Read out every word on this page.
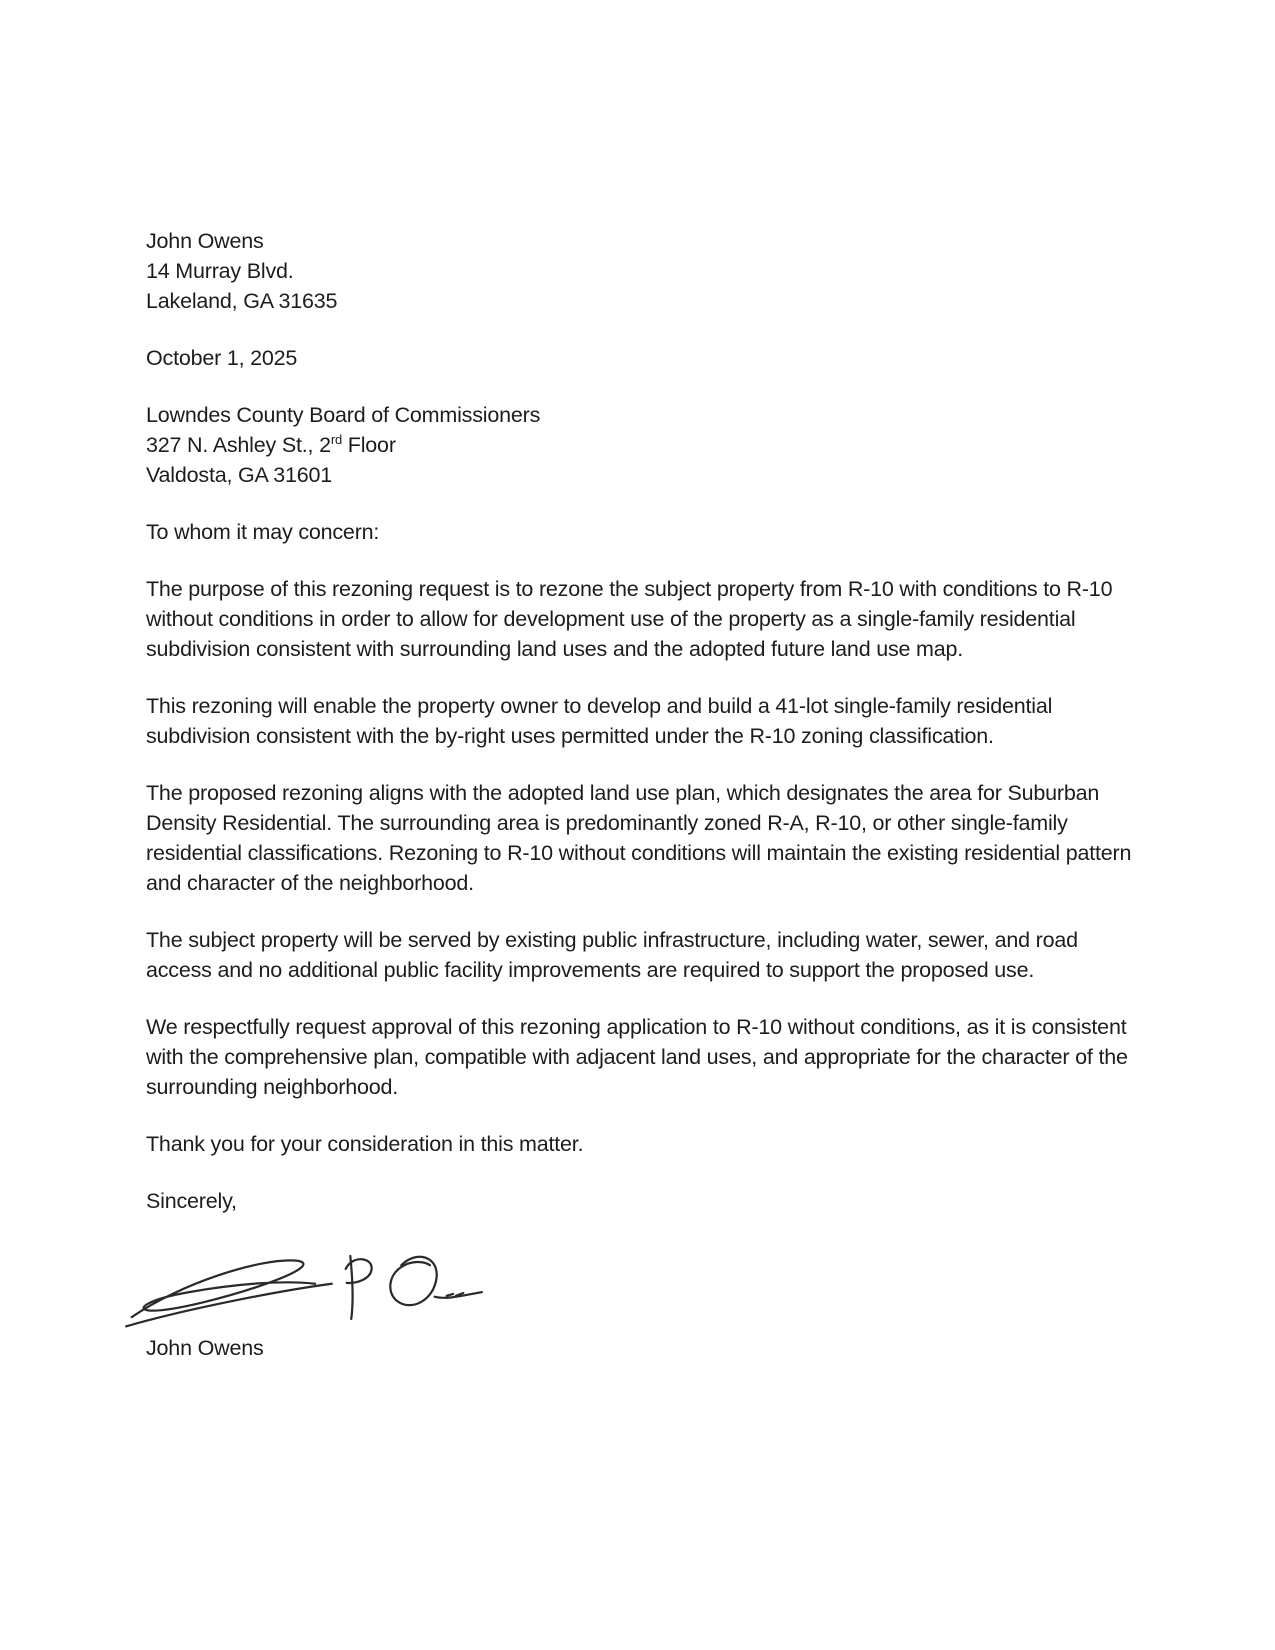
John Owens
14 Murray Blvd.
Lakeland, GA 31635
October 1, 2025
Lowndes County Board of Commissioners
327 N. Ashley St., 2rd Floor
Valdosta, GA 31601

To whom it may concern:

The purpose of this rezoning request is to rezone the subject property from R-10 with conditions to R-10 without conditions in order to allow for development use of the property as a single-family residential subdivision consistent with surrounding land uses and the adopted future land use map.

This rezoning will enable the property owner to develop and build a 41-lot single-family residential subdivision consistent with the by-right uses permitted under the R-10 zoning classification.

The proposed rezoning aligns with the adopted land use plan, which designates the area for Suburban Density Residential. The surrounding area is predominantly zoned R-A, R-10, or other single-family residential classifications. Rezoning to R-10 without conditions will maintain the existing residential pattern and character of the neighborhood.

The subject property will be served by existing public infrastructure, including water, sewer, and road access and no additional public facility improvements are required to support the proposed use.

We respectfully request approval of this rezoning application to R-10 without conditions, as it is consistent with the comprehensive plan, compatible with adjacent land uses, and appropriate for the character of the surrounding neighborhood.

Thank you for your consideration in this matter.

Sincerely,

John Owens
